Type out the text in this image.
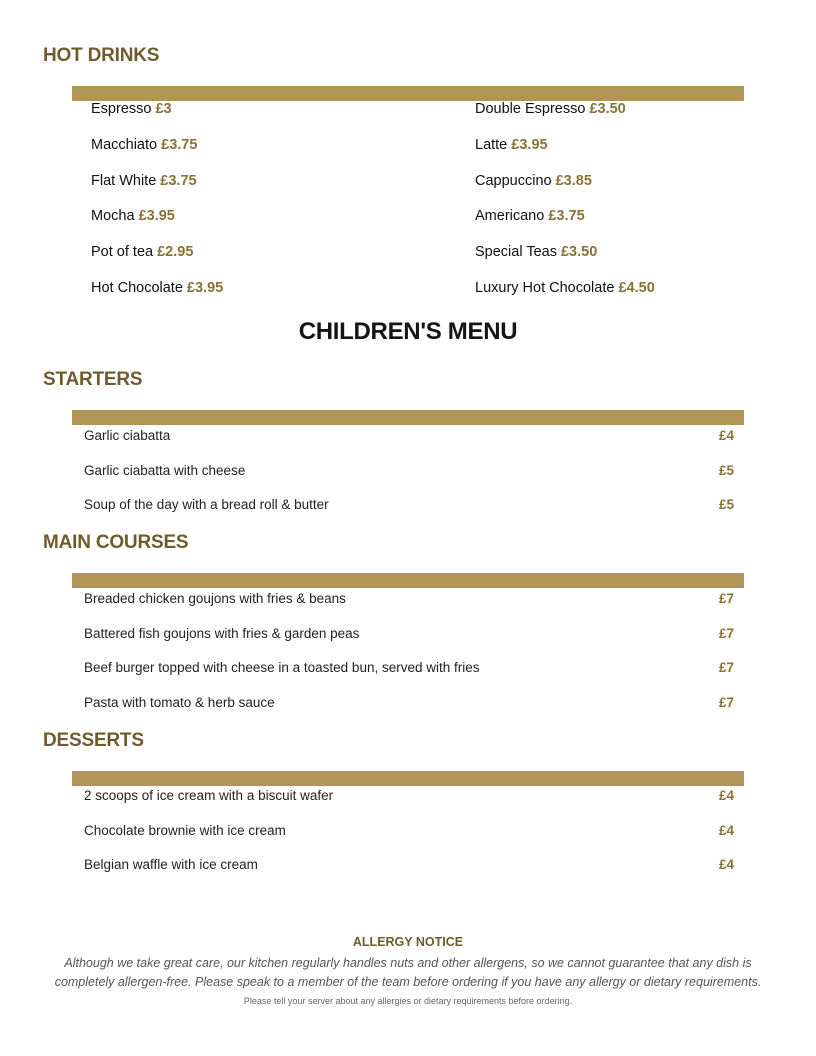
HOT DRINKS
Espresso £3	Double Espresso £3.50
Macchiato £3.75	Latte £3.95
Flat White £3.75	Cappuccino £3.85
Mocha £3.95	Americano £3.75
Pot of tea £2.95	Special Teas £3.50
Hot Chocolate £3.95	Luxury Hot Chocolate £4.50
CHILDREN'S MENU
STARTERS
Garlic ciabatta	£4
Garlic ciabatta with cheese	£5
Soup of the day with a bread roll & butter	£5
MAIN COURSES
Breaded chicken goujons with fries & beans	£7
Battered fish goujons with fries & garden peas	£7
Beef burger topped with cheese in a toasted bun, served with fries	£7
Pasta with tomato & herb sauce	£7
DESSERTS
2 scoops of ice cream with a biscuit wafer	£4
Chocolate brownie with ice cream	£4
Belgian waffle with ice cream	£4
ALLERGY NOTICE
Although we take great care, our kitchen regularly handles nuts and other allergens, so we cannot guarantee that any dish is
completely allergen-free. Please speak to a member of the team before ordering if you have any allergy or dietary requirements.
Please tell your server about any allergies or dietary requirements before ordering.
